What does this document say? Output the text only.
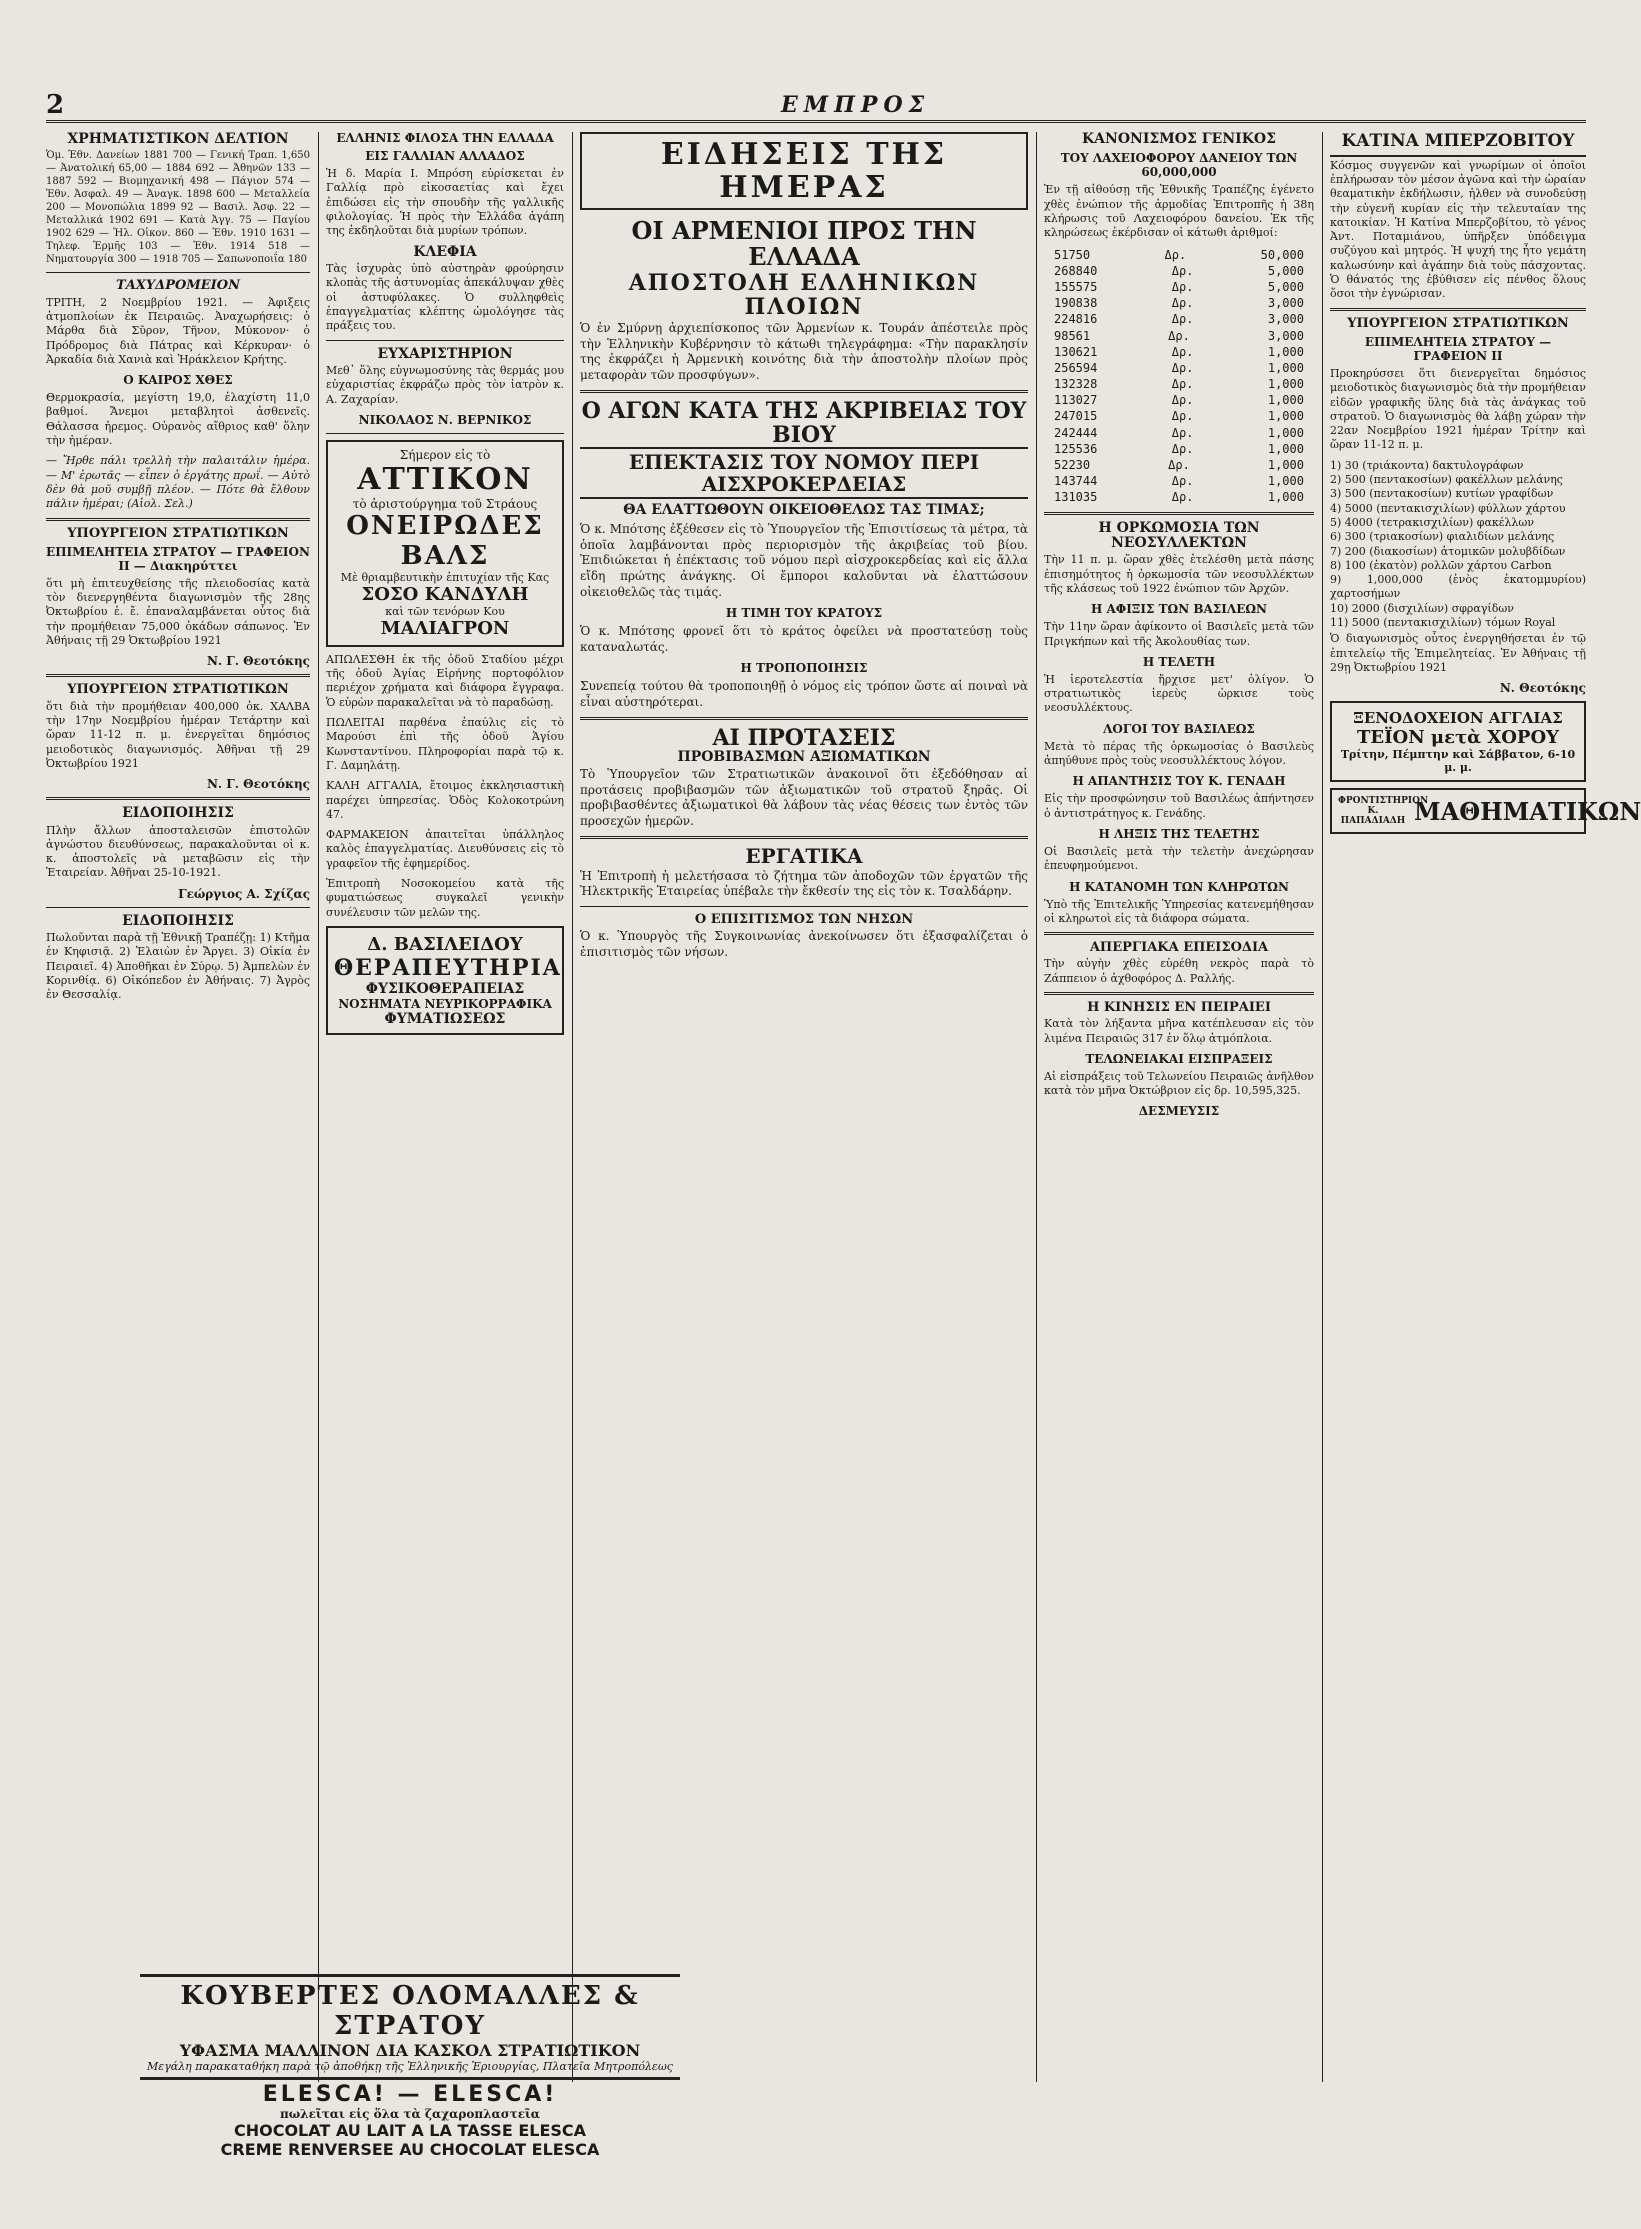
2	ΕΜΠΡΟΣ
ΧΡΗΜΑΤΙΣΤΙΚΟΝ ΔΕΛΤΙΟΝ
Ὁμ. Ἐθν. Δανείων 1881 700 — Γενική Τραπ. 1,650 — Ἀνατολική 65,00 — 1884 692 — Ἀθηνῶν 133 — 1887 592 — Βιομηχανική 498 — Πάγιον 574 — Ἐθν. Ἀσφαλ. 49 — Ἀναγκ. 1898 600 — Μεταλλεία 200 — Μονοπώλια 1899 92 — Βασιλ. Ἀσφ. 22 — Μεταλλικά 1902 691 — Κατὰ Ἀγγ. 75 — Παγίου 1902 629 — Ἠλ. Οἰκον. 860 — Ἐθν. 1910 1631 — Τηλεφ. Ἐρμῆς 103 — Ἐθν. 1914 518 — Νηματουργία 300 — 1918 705 — Σαπωνοποιΐα 180
ΤΑΧΥΔΡΟΜΕΙΟΝ
ΤΡΙΤΗ, 2 Νοεμβρίου 1921. — Ἀφιξεις ἀτμοπλοίων ἐκ Πειραιῶς. Ἀναχωρήσεις: ὁ Μάρθα διὰ Σῦρον, Τῆνον, Μύκονον· ὁ Πρόδρομος διὰ Πάτρας καὶ Κέρκυραν· ὁ Ἀρκαδία διὰ Χανιὰ καὶ Ἡράκλειον Κρήτης.
Ο ΚΑΙΡΟΣ ΧΘΕΣ
Θερμοκρασία, μεγίστη 19,0, ἐλαχίστη 11,0 βαθμοί. Ἄνεμοι μεταβλητοὶ ἀσθενεῖς. Θάλασσα ἠρεμος. Οὐρανὸς αἴθριος καθ' ὅλην τὴν ἡμέραν.
— Ἤρθε πάλι τρελλὴ τὴν παλαιτάλιν ἡμέρα. — Μ' ἐρωτᾶς — εἶπεν ὁ ἐργάτης πρωΐ. — Αὐτὸ δὲν θὰ μοῦ συμβῇ πλέον. — Πότε θὰ ἔλθουν πάλιν ἡμέραι; (Αἰολ. Σελ.)
ΥΠΟΥΡΓΕΙΟΝ ΣΤΡΑΤΙΩΤΙΚΩΝ
ΕΠΙΜΕΛΗΤΕΙΑ ΣΤΡΑΤΟΥ — ΓΡΑΦΕΙΟΝ ΙΙ — Διακηρύττει
ὅτι μὴ ἐπιτευχθείσης τῆς πλειοδοσίας κατὰ τὸν διενεργηθέντα διαγωνισμὸν τῆς 28ης Ὀκτωβρίου ἐ. ἔ. ἐπαναλαμβάνεται οὗτος διὰ τὴν προμήθειαν 75,000 ὀκάδων σάπωνος. Ἐν Ἀθήναις τῇ 29 Ὀκτωβρίου 1921
Ν. Γ. Θεοτόκης
ΥΠΟΥΡΓΕΙΟΝ ΣΤΡΑΤΙΩΤΙΚΩΝ
ὅτι διὰ τὴν προμήθειαν 400,000 ὀκ. ΧΑΛΒΑ τὴν 17ην Νοεμβρίου ἡμέραν Τετάρτην καὶ ὥραν 11-12 π. μ. ἐνεργεῖται δημόσιος μειοδοτικὸς διαγωνισμός. Ἀθῆναι τῇ 29 Ὀκτωβρίου 1921
Ν. Γ. Θεοτόκης
ΕΙΔΟΠΟΙΗΣΙΣ
Πλὴν ἄλλων ἀποσταλεισῶν ἐπιστολῶν ἀγνώστου διευθύνσεως, παρακαλοῦνται οἱ κ. κ. ἀποστολεῖς νὰ μεταβῶσιν εἰς τὴν Ἐταιρείαν. Ἀθῆναι 25-10-1921.
Γεώργιος Α. Σχίζας
ΕΙΔΟΠΟΙΗΣΙΣ
Πωλοῦνται παρὰ τῇ Ἐθνικῇ Τραπέζῃ: 1) Κτῆμα ἐν Κηφισιᾷ. 2) Ἐλαιὼν ἐν Ἄργει. 3) Οἰκία ἐν Πειραιεῖ. 4) Ἀποθῆκαι ἐν Σύρῳ. 5) Ἀμπελὼν ἐν Κορινθίᾳ. 6) Οἰκόπεδον ἐν Ἀθήναις. 7) Ἀγρὸς ἐν Θεσσαλίᾳ.
ΕΛΛΗΝΙΣ ΦΙΛΟΣΑ ΤΗΝ ΕΛΛΑΔΑ
ΕΙΣ ΓΑΛΛΙΑΝ ΑΛΛΑΔΟΣ
Ἡ δ. Μαρία Ι. Μπρόση εὑρίσκεται ἐν Γαλλίᾳ πρὸ εἰκοσαετίας καὶ ἔχει ἐπιδώσει εἰς τὴν σπουδὴν τῆς γαλλικῆς φιλολογίας. Ἡ πρὸς τὴν Ἑλλάδα ἀγάπη της ἐκδηλοῦται διὰ μυρίων τρόπων.
ΚΛΕΦΙΑ
Τὰς ἰσχυρὰς ὑπὸ αὐστηρὰν φρούρησιν κλοπὰς τῆς ἀστυνομίας ἀπεκάλυψαν χθὲς οἱ ἀστυφύλακες. Ὁ συλληφθεὶς ἐπαγγελματίας κλέπτης ὡμολόγησε τὰς πράξεις του.
ΕΥΧΑΡΙΣΤΗΡΙΟΝ
Μεθ᾽ ὅλης εὐγνωμοσύνης τὰς θερμάς μου εὐχαριστίας ἐκφράζω πρὸς τὸν ἰατρὸν κ. Α. Ζαχαρίαν.
ΝΙΚΟΛΑΟΣ Ν. ΒΕΡΝΙΚΟΣ
Σήμερον εἰς τὸ
ΑΤΤΙΚΟΝ
τὸ ἀριστούργημα τοῦ Στράους
ΟΝΕΙΡΩΔΕΣ ΒΑΛΣ
Μὲ θριαμβευτικὴν ἐπιτυχίαν τῆς Κας
ΣΟΣΟ ΚΑΝΔΥΛΗ
καὶ τῶν τενόρων Κου
ΜΑΛΙΑΓΡΟΝ
ΑΠΩΛΕΣΘΗ ἐκ τῆς ὁδοῦ Σταδίου μέχρι τῆς ὁδοῦ Ἀγίας Εἰρήνης πορτοφόλιον περιέχον χρήματα καὶ διάφορα ἔγγραφα. Ὁ εὑρὼν παρακαλεῖται νὰ τὸ παραδώσῃ.
ΠΩΛΕΙΤΑΙ παρθένα ἐπαύλις εἰς τὸ Μαρούσι ἐπὶ τῆς ὁδοῦ Ἁγίου Κωνσταντίνου. Πληροφορίαι παρὰ τῷ κ. Γ. Δαμηλάτῃ.
ΚΑΛΗ ΑΓΓΑΛΙΑ, ἔτοιμος ἐκκλησιαστικὴ παρέχει ὑπηρεσίας. Ὁδὸς Κολοκοτρώνη 47.
ΦΑΡΜΑΚΕΙΟΝ ἀπαιτεῖται ὑπάλληλος καλὸς ἐπαγγελματίας. Διευθύνσεις εἰς τὸ γραφεῖον τῆς ἐφημερίδος.
Ἐπιτροπὴ Νοσοκομείου κατὰ τῆς φυματιώσεως συγκαλεῖ γενικὴν συνέλευσιν τῶν μελῶν της.
Δ. ΒΑΣΙΛΕΙΔΟΥ
ΘΕΡΑΠΕΥΤΗΡΙΑ
ΦΥΣΙΚΟΘΕΡΑΠΕΙΑΣ
ΝΟΣΗΜΑΤΑ ΝΕΥΡΙΚΟΡΡΑΦΙΚΑ
ΦΥΜΑΤΙΩΣΕΩΣ
ΕΙΔΗΣΕΙΣ ΤΗΣ ΗΜΕΡΑΣ
ΟΙ ΑΡΜΕΝΙΟΙ ΠΡΟΣ ΤΗΝ ΕΛΛΑΔΑ
ΑΠΟΣΤΟΛΗ ΕΛΛΗΝΙΚΩΝ ΠΛΟΙΩΝ
Ὁ ἐν Σμύρνῃ ἀρχιεπίσκοπος τῶν Ἀρμενίων κ. Τουράν ἀπέστειλε πρὸς τὴν Ἑλληνικὴν Κυβέρνησιν τὸ κάτωθι τηλεγράφημα: «Τὴν παρακλησίν της ἐκφράζει ἡ Ἀρμενικὴ κοινότης διὰ τὴν ἀποστολὴν πλοίων πρὸς μεταφορὰν τῶν προσφύγων».
Ο ΑΓΩΝ ΚΑΤΑ ΤΗΣ ΑΚΡΙΒΕΙΑΣ ΤΟΥ ΒΙΟΥ
ΕΠΕΚΤΑΣΙΣ ΤΟΥ ΝΟΜΟΥ ΠΕΡΙ ΑΙΣΧΡΟΚΕΡΔΕΙΑΣ
ΘΑ ΕΛΑΤΤΩΘΟΥΝ ΟΙΚΕΙΟΘΕΛΩΣ ΤΑΣ ΤΙΜΑΣ;
Ὁ κ. Μπότσης ἐξέθεσεν εἰς τὸ Ὑπουργεῖον τῆς Ἐπισιτίσεως τὰ μέτρα, τὰ ὁποῖα λαμβάνονται πρὸς περιορισμὸν τῆς ἀκριβείας τοῦ βίου. Ἐπιδιώκεται ἡ ἐπέκτασις τοῦ νόμου περὶ αἰσχροκερδείας καὶ εἰς ἄλλα εἴδη πρώτης ἀνάγκης. Οἱ ἔμποροι καλοῦνται νὰ ἐλαττώσουν οἰκειοθελῶς τὰς τιμάς.
Η ΤΙΜΗ ΤΟΥ ΚΡΑΤΟΥΣ
Ὁ κ. Μπότσης φρονεῖ ὅτι τὸ κράτος ὀφείλει νὰ προστατεύσῃ τοὺς καταναλωτάς.
Η ΤΡΟΠΟΠΟΙΗΣΙΣ
Συνεπείᾳ τούτου θὰ τροποποιηθῇ ὁ νόμος εἰς τρόπον ὥστε αἱ ποιναὶ νὰ εἶναι αὐστηρότεραι.
ΑΙ ΠΡΟΤΑΣΕΙΣ
ΠΡΟΒΙΒΑΣΜΩΝ ΑΞΙΩΜΑΤΙΚΩΝ
Τὸ Ὑπουργεῖον τῶν Στρατιωτικῶν ἀνακοινοῖ ὅτι ἐξεδόθησαν αἱ προτάσεις προβιβασμῶν τῶν ἀξιωματικῶν τοῦ στρατοῦ ξηρᾶς. Οἱ προβιβασθέντες ἀξιωματικοὶ θὰ λάβουν τὰς νέας θέσεις των ἐντὸς τῶν προσεχῶν ἡμερῶν.
ΕΡΓΑΤΙΚΑ
Ἡ Ἐπιτροπὴ ἡ μελετήσασα τὸ ζήτημα τῶν ἀποδοχῶν τῶν ἐργατῶν τῆς Ἠλεκτρικῆς Ἑταιρείας ὑπέβαλε τὴν ἔκθεσίν της εἰς τὸν κ. Τσαλδάρην.
Ο ΕΠΙΣΙΤΙΣΜΟΣ ΤΩΝ ΝΗΣΩΝ
Ὁ κ. Ὑπουργὸς τῆς Συγκοινωνίας ἀνεκοίνωσεν ὅτι ἐξασφαλίζεται ὁ ἐπισιτισμὸς τῶν νήσων.
ΚΑΝΟΝΙΣΜΟΣ ΓΕΝΙΚΟΣ
ΤΟΥ ΛΑΧΕΙΟΦΟΡΟΥ ΔΑΝΕΙΟΥ ΤΩΝ 60,000,000
Ἐν τῇ αἰθούσῃ τῆς Ἐθνικῆς Τραπέζης ἐγένετο χθὲς ἐνώπιον τῆς ἁρμοδίας Ἐπιτροπῆς ἡ 38η κλήρωσις τοῦ Λαχειοφόρου δανείου. Ἐκ τῆς κληρώσεως ἐκέρδισαν οἱ κάτωθι ἀριθμοί:
51750	Δρ.	50,000
268840	Δρ.	5,000
155575	Δρ.	5,000
190838	Δρ.	3,000
224816	Δρ.	3,000
98561	Δρ.	3,000
130621	Δρ.	1,000
256594	Δρ.	1,000
132328	Δρ.	1,000
113027	Δρ.	1,000
247015	Δρ.	1,000
242444	Δρ.	1,000
125536	Δρ.	1,000
52230	Δρ.	1,000
143744	Δρ.	1,000
131035	Δρ.	1,000
Η ΟΡΚΩΜΟΣΙΑ ΤΩΝ ΝΕΟΣΥΛΛΕΚΤΩΝ
Τὴν 11 π. μ. ὥραν χθὲς ἐτελέσθη μετὰ πάσης ἐπισημότητος ἡ ὁρκωμοσία τῶν νεοσυλλέκτων τῆς κλάσεως τοῦ 1922 ἐνώπιον τῶν Ἀρχῶν.
Η ΑΦΙΞΙΣ ΤΩΝ ΒΑΣΙΛΕΩΝ
Τὴν 11ην ὥραν ἀφίκοντο οἱ Βασιλεῖς μετὰ τῶν Πριγκήπων καὶ τῆς Ἀκολουθίας των.
Η ΤΕΛΕΤΗ
Ἡ ἱεροτελεστία ἤρχισε μετ' ὀλίγον. Ὁ στρατιωτικὸς ἱερεὺς ὡρκισε τοὺς νεοσυλλέκτους.
ΛΟΓΟΙ ΤΟΥ ΒΑΣΙΛΕΩΣ
Μετὰ τὸ πέρας τῆς ὁρκωμοσίας ὁ Βασιλεὺς ἀπηύθυνε πρὸς τοὺς νεοσυλλέκτους λόγον.
Η ΑΠΑΝΤΗΣΙΣ ΤΟΥ Κ. ΓΕΝΑΔΗ
Εἰς τὴν προσφώνησιν τοῦ Βασιλέως ἀπήντησεν ὁ ἀντιστράτηγος κ. Γενάδης.
Η ΛΗΞΙΣ ΤΗΣ ΤΕΛΕΤΗΣ
Οἱ Βασιλεῖς μετὰ τὴν τελετὴν ἀνεχώρησαν ἐπευφημούμενοι.
Η ΚΑΤΑΝΟΜΗ ΤΩΝ ΚΛΗΡΩΤΩΝ
Ὑπὸ τῆς Ἐπιτελικῆς Ὑπηρεσίας κατενεμήθησαν οἱ κληρωτοὶ εἰς τὰ διάφορα σώματα.
ΑΠΕΡΓΙΑΚΑ ΕΠΕΙΣΟΔΙΑ
Τὴν αὐγὴν χθὲς εὑρέθη νεκρὸς παρὰ τὸ Ζάππειον ὁ ἀχθοφόρος Δ. Ραλλής.
Η ΚΙΝΗΣΙΣ ΕΝ ΠΕΙΡΑΙΕΙ
Κατὰ τὸν λήξαντα μῆνα κατέπλευσαν εἰς τὸν λιμένα Πειραιῶς 317 ἐν ὅλῳ ἀτμόπλοια.
ΤΕΛΩΝΕΙΑΚΑΙ ΕΙΣΠΡΑΞΕΙΣ
Αἱ εἰσπράξεις τοῦ Τελωνείου Πειραιῶς ἀνῆλθον κατὰ τὸν μῆνα Ὀκτώβριον εἰς δρ. 10,595,325.
ΔΕΣΜΕΥΣΙΣ
ΚΑΤΙΝΑ ΜΠΕΡΖΟΒΙΤΟΥ
Κόσμος συγγενῶν καὶ γνωρίμων οἱ ὁποῖοι ἐπλήρωσαν τὸν μέσον ἀγῶνα καὶ τὴν ὡραίαν θεαματικὴν ἐκδήλωσιν, ἠλθεν νὰ συνοδεύσῃ τὴν εὐγενῆ κυρίαν εἰς τὴν τελευταίαν της κατοικίαν. Ἡ Κατίνα Μπερζοβίτου, τὸ γένος Ἀντ. Ποταμιάνου, ὑπῆρξεν ὑπόδειγμα συζύγου καὶ μητρός. Ἡ ψυχή της ἦτο γεμάτη καλωσύνην καὶ ἀγάπην διὰ τοὺς πάσχοντας. Ὁ θάνατός της ἐβύθισεν εἰς πένθος ὅλους ὅσοι τὴν ἐγνώρισαν.
ΥΠΟΥΡΓΕΙΟΝ ΣΤΡΑΤΙΩΤΙΚΩΝ
ΕΠΙΜΕΛΗΤΕΙΑ ΣΤΡΑΤΟΥ — ΓΡΑΦΕΙΟΝ ΙΙ
Προκηρύσσει ὅτι διενεργεῖται δημόσιος μειοδοτικὸς διαγωνισμὸς διὰ τὴν προμήθειαν εἰδῶν γραφικῆς ὕλης διὰ τὰς ἀνάγκας τοῦ στρατοῦ. Ὁ διαγωνισμὸς θὰ λάβῃ χώραν τὴν 22αν Νοεμβρίου 1921 ἡμέραν Τρίτην καὶ ὥραν 11-12 π. μ.
1) 30 (τριάκοντα) δακτυλογράφων
2) 500 (πεντακοσίων) φακέλλων μελάνης
3) 500 (πεντακοσίων) κυτίων γραφίδων
4) 5000 (πεντακισχιλίων) φύλλων χάρτου
5) 4000 (τετρακισχιλίων) φακέλλων
6) 300 (τριακοσίων) φιαλιδίων μελάνης
7) 200 (διακοσίων) ἀτομικῶν μολυβδίδων
8) 100 (ἑκατὸν) ρολλῶν χάρτου Carbon
9) 1,000,000 (ἑνὸς ἑκατομμυρίου) χαρτοσήμων
10) 2000 (δισχιλίων) σφραγίδων
11) 5000 (πεντακισχιλίων) τόμων Royal
Ὁ διαγωνισμὸς οὗτος ἐνεργηθήσεται ἐν τῷ ἐπιτελείῳ τῆς Ἐπιμελητείας. Ἐν Ἀθήναις τῇ 29ῃ Ὀκτωβρίου 1921
Ν. Θεοτόκης
ΞΕΝΟΔΟΧΕΙΟΝ ΑΓΓΛΙΑΣ
ΤΕΪΟΝ μετὰ ΧΟΡΟΥ
Τρίτην, Πέμπτην καὶ Σάββατον, 6-10 μ. μ.
ΦΡΟΝΤΙΣΤΗΡΙΟΝ Κ. ΠΑΠΑΔΙΑΔΗ ΜΑΘΗΜΑΤΙΚΩΝ
ΚΟΥΒΕΡΤΕΣ ΟΛΟΜΑΛΛΕΣ & ΣΤΡΑΤΟΥ
ΥΦΑΣΜΑ ΜΑΛΛΙΝΟΝ ΔΙΑ ΚΑΣΚΟΛ ΣΤΡΑΤΙΩΤΙΚΟΝ
Μεγάλη παρακαταθήκη παρὰ τῷ ἀποθήκῃ τῆς Ἑλληνικῆς Ἐριουργίας, Πλατεῖα Μητροπόλεως
ELESCA! — ELESCA!
πωλεῖται εἰς ὅλα τὰ ζαχαροπλαστεῖα
CHOCOLAT AU LAIT A LA TASSE ELESCA
CREME RENVERSEE AU CHOCOLAT ELESCA
